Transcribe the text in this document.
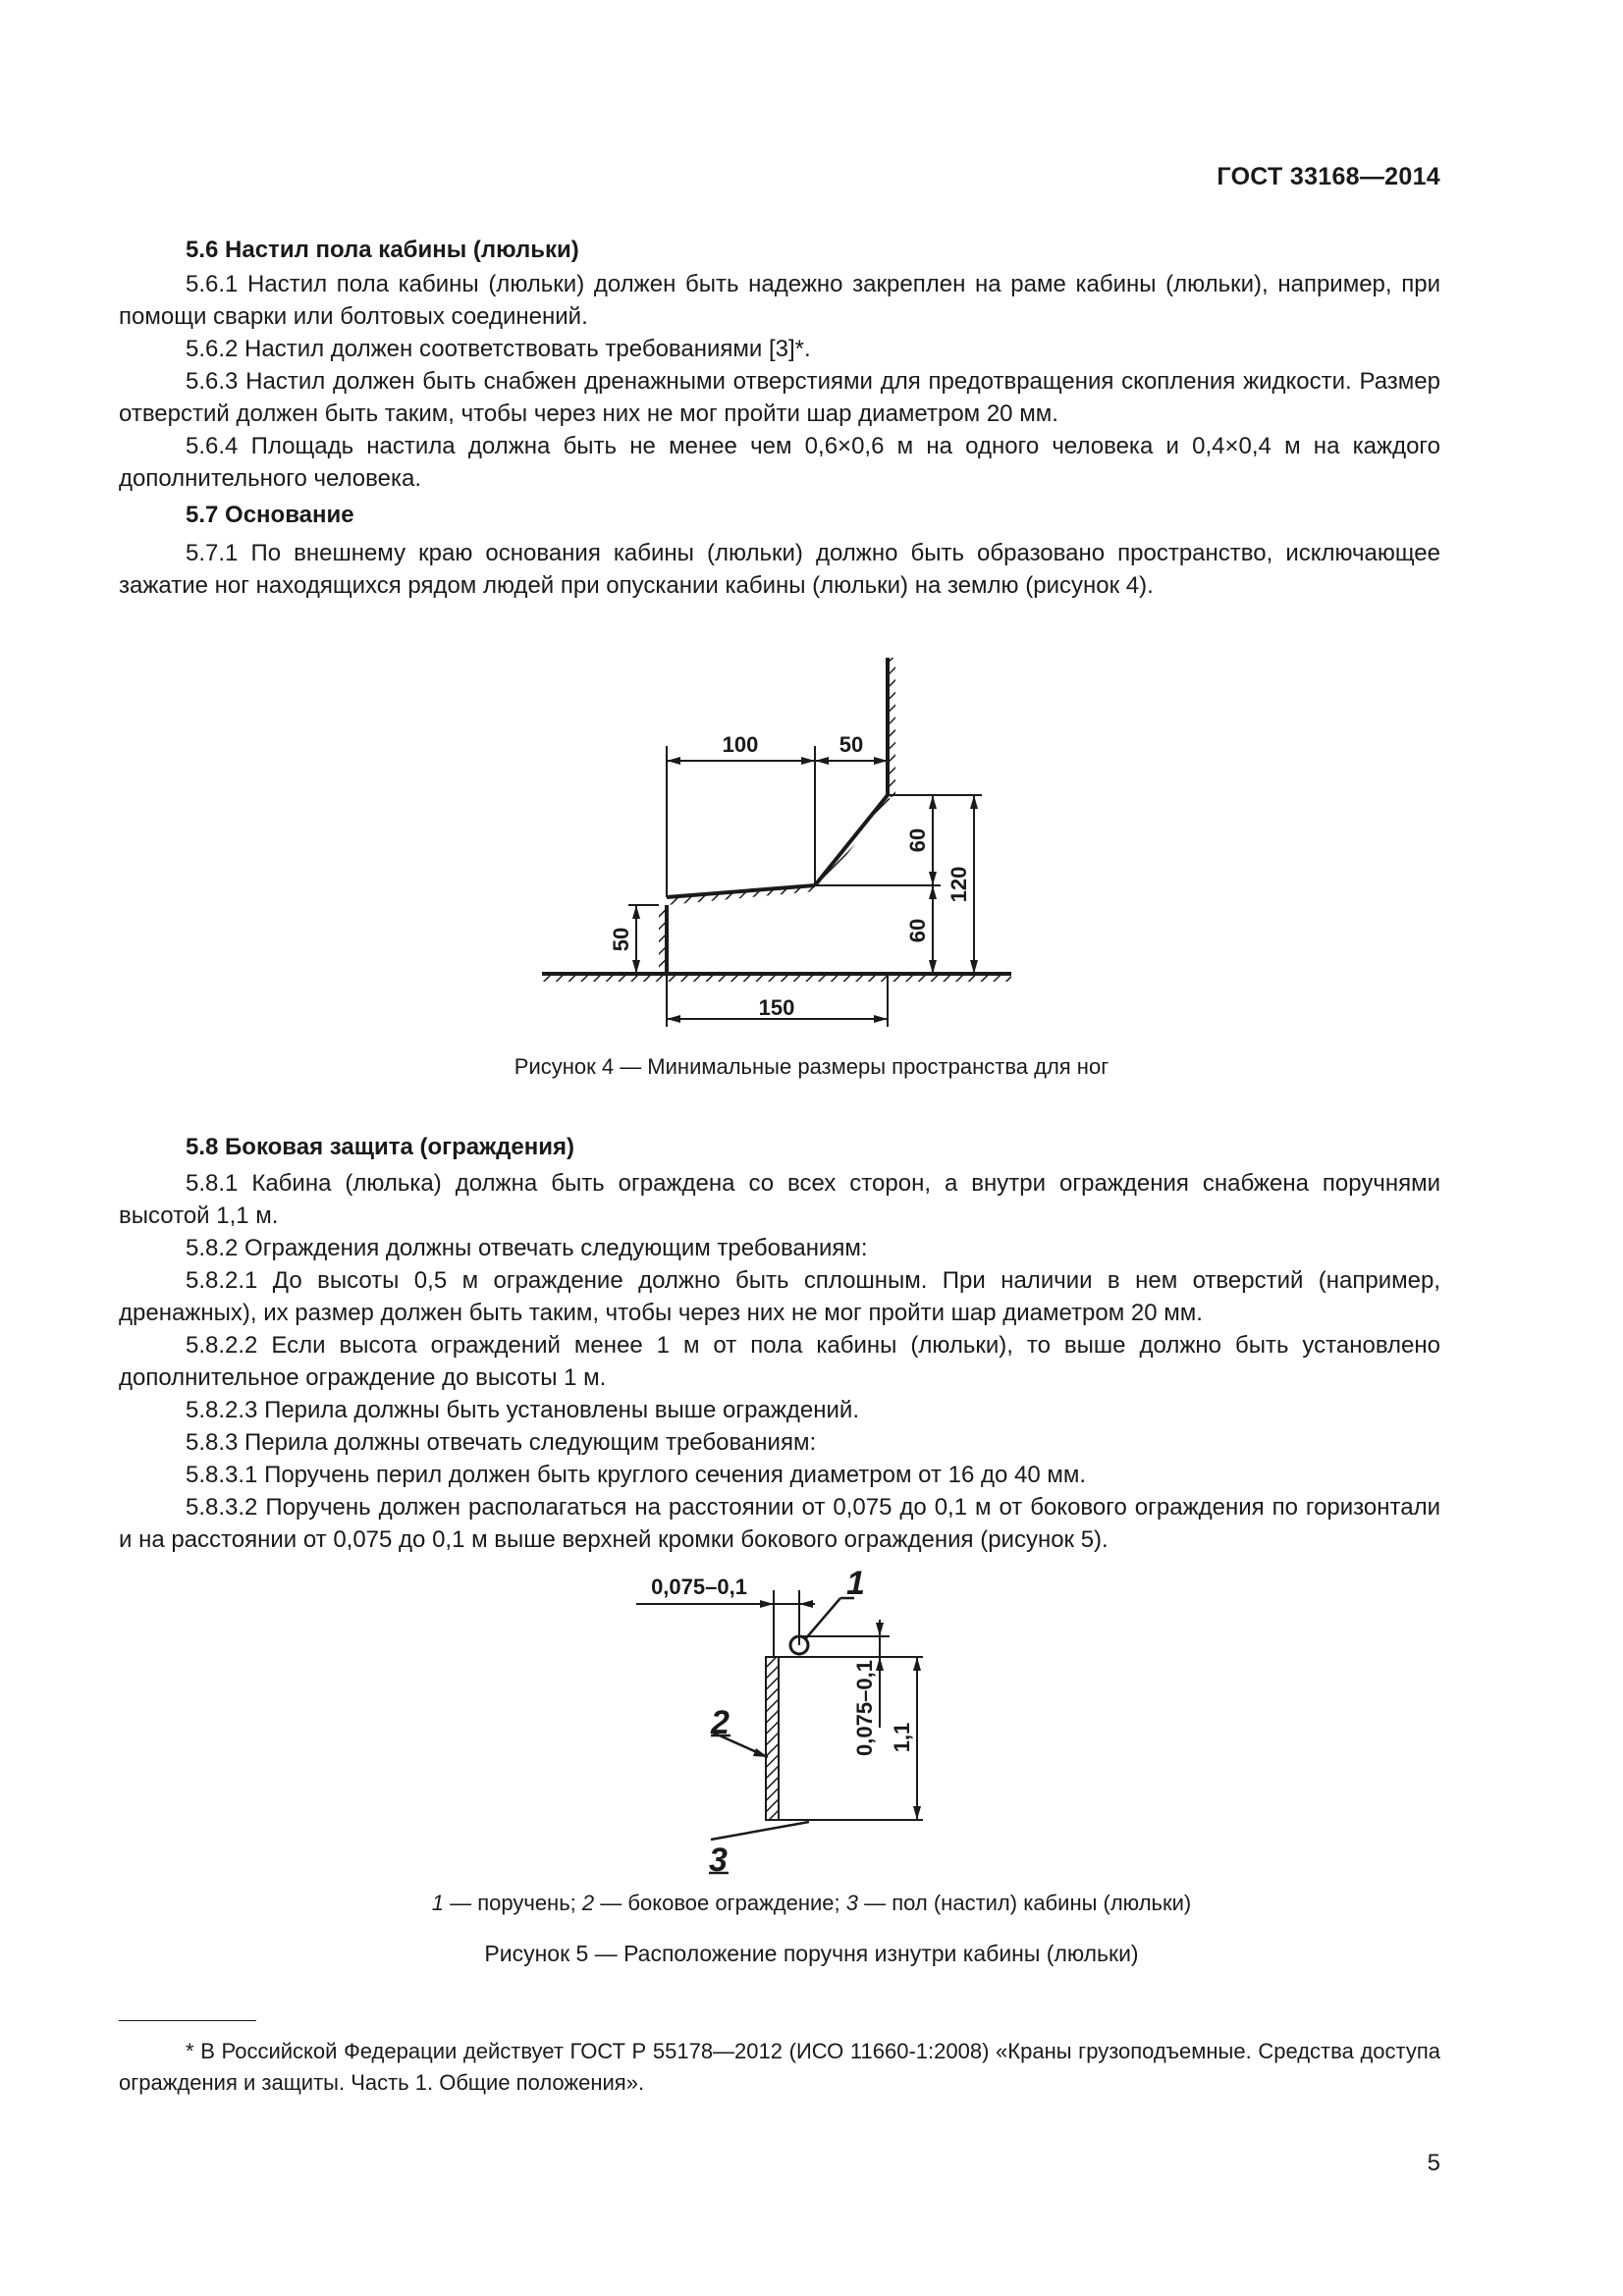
ГОСТ 33168—2014

5.6 Настил пола кабины (люльки)

5.6.1 Настил пола кабины (люльки) должен быть надежно закреплен на раме кабины (люльки), например, при помощи сварки или болтовых соединений.

5.6.2 Настил должен соответствовать требованиями [3]*.

5.6.3 Настил должен быть снабжен дренажными отверстиями для предотвращения скопления жидкости. Размер отверстий должен быть таким, чтобы через них не мог пройти шар диаметром 20 мм.

5.6.4 Площадь настила должна быть не менее чем 0,6×0,6 м на одного человека и 0,4×0,4 м на каждого дополнительного человека.

5.7 Основание

5.7.1 По внешнему краю основания кабины (люльки) должно быть образовано пространство, исключающее зажатие ног находящихся рядом людей при опускании кабины (люльки) на землю (рисунок 4).

100	50
60
60
120
50
150
Рисунок 4 — Минимальные размеры пространства для ног

5.8 Боковая защита (ограждения)

5.8.1 Кабина (люлька) должна быть ограждена со всех сторон, а внутри ограждения снабжена поручнями высотой 1,1 м.

5.8.2 Ограждения должны отвечать следующим требованиям:

5.8.2.1 До высоты 0,5 м ограждение должно быть сплошным. При наличии в нем отверстий (например, дренажных), их размер должен быть таким, чтобы через них не мог пройти шар диаметром 20 мм.

5.8.2.2 Если высота ограждений менее 1 м от пола кабины (люльки), то выше должно быть установлено дополнительное ограждение до высоты 1 м.

5.8.2.3 Перила должны быть установлены выше ограждений.

5.8.3 Перила должны отвечать следующим требованиям:

5.8.3.1 Поручень перил должен быть круглого сечения диаметром от 16 до 40 мм.

5.8.3.2 Поручень должен располагаться на расстоянии от 0,075 до 0,1 м от бокового ограждения по горизонтали и на расстоянии от 0,075 до 0,1 м выше верхней кромки бокового ограждения (рисунок 5).

0,075–0,1
0,075–0,1 1,1
1
2
3
1 — поручень; 2 — боковое ограждение; 3 — пол (настил) кабины (люльки)
Рисунок 5 — Расположение поручня изнутри кабины (люльки)
* В Российской Федерации действует ГОСТ Р 55178—2012 (ИСО 11660-1:2008) «Краны грузоподъемные. Средства доступа ограждения и защиты. Часть 1. Общие положения».
5
